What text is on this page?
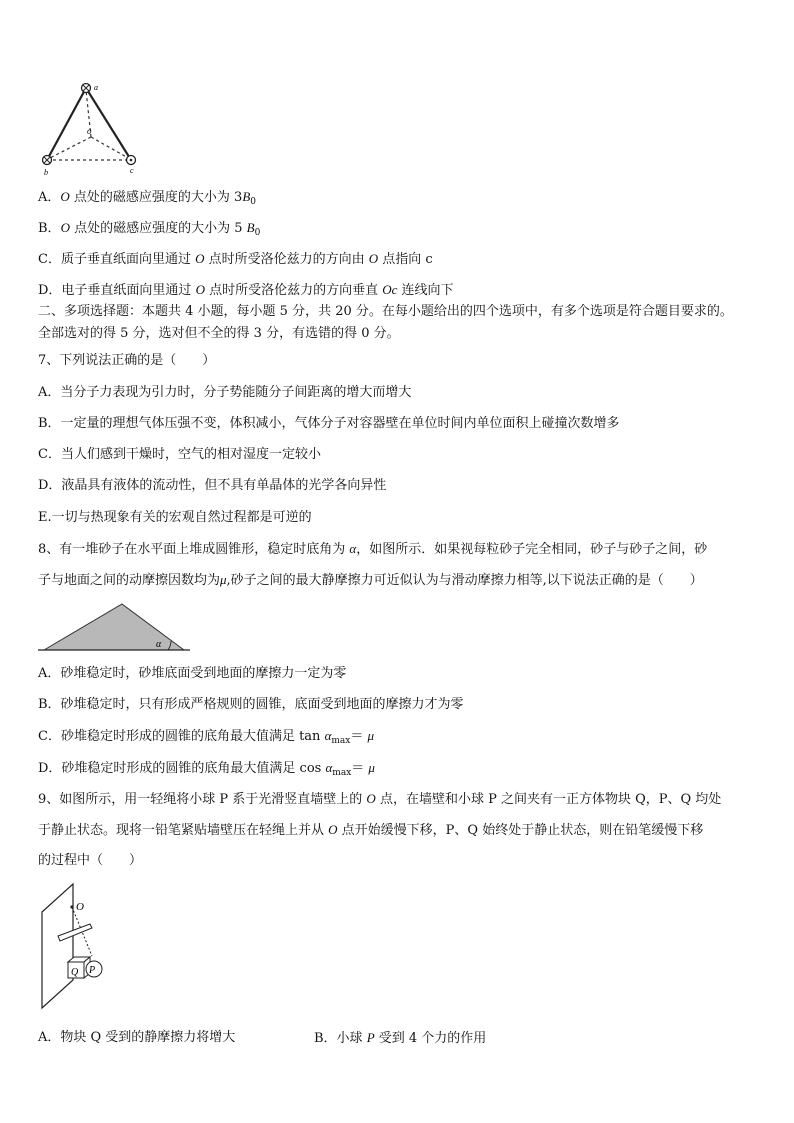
a
o
b	c
A．O 点处的磁感应强度的大小为 $3B_0$
B．O 点处的磁感应强度的大小为 5 $B_0$
C．质子垂直纸面向里通过 O 点时所受洛伦兹力的方向由 O 点指向 c
D．电子垂直纸面向里通过 O 点时所受洛伦兹力的方向垂直 Oc 连线向下
二、多项选择题：本题共 4 小题，每小题 5 分，共 20 分。在每小题给出的四个选项中，有多个选项是符合题目要求的。
全部选对的得 5 分，选对但不全的得 3 分，有选错的得 0 分。
7、下列说法正确的是（　　）
A．当分子力表现为引力时，分子势能随分子间距离的增大而增大
B．一定量的理想气体压强不变，体积减小，气体分子对容器壁在单位时间内单位面积上碰撞次数增多
C．当人们感到干燥时，空气的相对湿度一定较小
D．液晶具有液体的流动性，但不具有单晶体的光学各向异性
E.一切与热现象有关的宏观自然过程都是可逆的
8、有一堆砂子在水平面上堆成圆锥形，稳定时底角为 α，如图所示．如果视每粒砂子完全相同，砂子与砂子之间，砂
子与地面之间的动摩擦因数均为μ,砂子之间的最大静摩擦力可近似认为与滑动摩擦力相等,以下说法正确的是（　　）
α
A．砂堆稳定时，砂堆底面受到地面的摩擦力一定为零
B．砂堆稳定时，只有形成严格规则的圆锥，底面受到地面的摩擦力才为零
C．砂堆稳定时形成的圆锥的底角最大值满足 $\tan \alpha_{max}= \mu$
D．砂堆稳定时形成的圆锥的底角最大值满足 $\cos \alpha_{max}= \mu$
9、如图所示，用一轻绳将小球 P 系于光滑竖直墙壁上的 O 点，在墙壁和小球 P 之间夹有一正方体物块 Q，P、Q 均处
于静止状态。现将一铅笔紧贴墙壁压在轻绳上并从 O 点开始缓慢下移，P、Q 始终处于静止状态，则在铅笔缓慢下移
的过程中（　　）
O
Q P
A．物块 Q 受到的静摩擦力将增大	B．小球 P 受到 4 个力的作用
